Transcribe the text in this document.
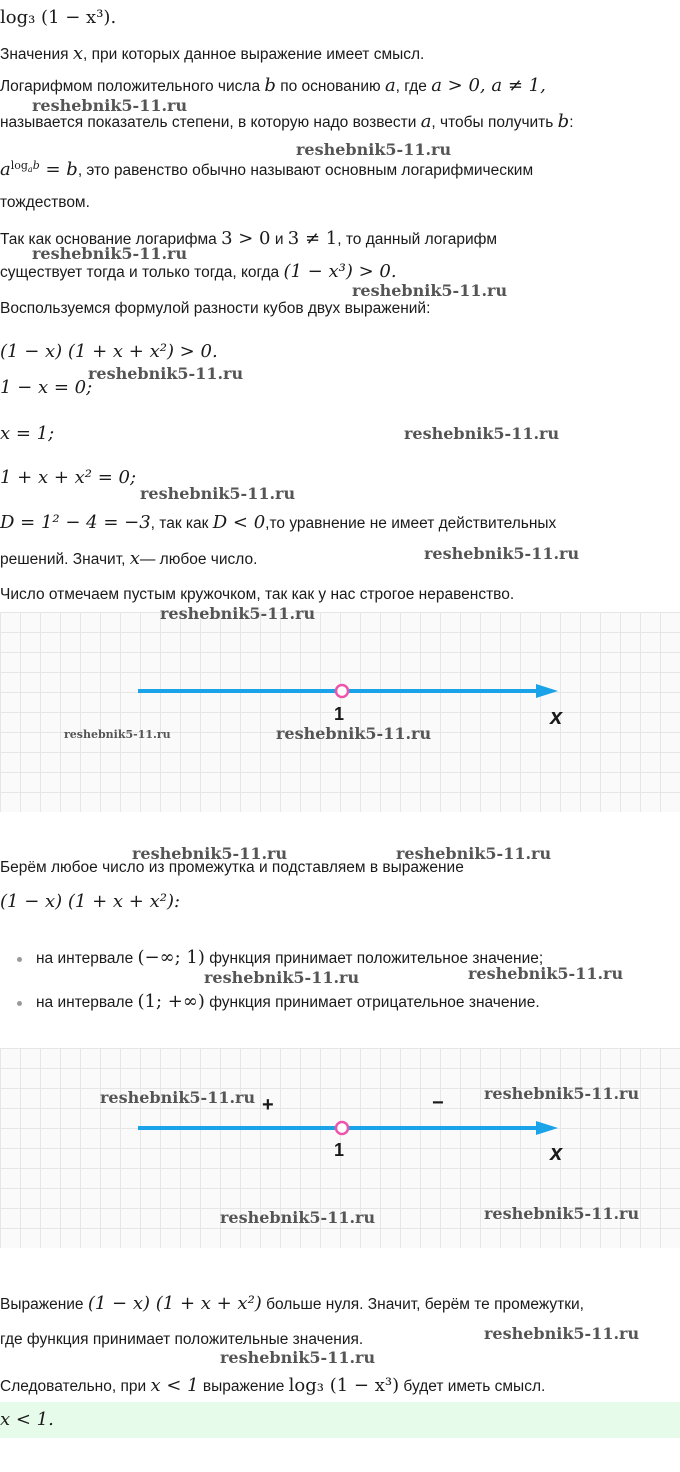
log₃ (1 − x³).
Значения x, при которых данное выражение имеет смысл.
Логарифмом положительного числа b по основанию a, где a > 0, a ≠ 1,
называется показатель степени, в которую надо возвести a, чтобы получить b:
$a^{log_ab} = b$, это равенство обычно называют основным логарифмическим
тождеством.
Так как основание логарифма 3 > 0 и 3 ≠ 1, то данный логарифм
существует тогда и только тогда, когда (1 − x³) > 0.
Воспользуемся формулой разности кубов двух выражений:
(1 − x) (1 + x + x²) > 0.
1 − x = 0;
x = 1;
1 + x + x² = 0;
D = 1² − 4 = −3, так как D < 0,то уравнение не имеет действительных
решений. Значит, x— любое число.
Число отмечаем пустым кружочком, так как у нас строгое неравенство.
1	x
Берём любое число из промежутка и подставляем в выражение
(1 − x) (1 + x + x²):
на интервале (−∞; 1) функция принимает положительное значение;
на интервале (1; +∞) функция принимает отрицательное значение.
+	−
1	x
Выражение (1 − x) (1 + x + x²) больше нуля. Значит, берём те промежутки,
где функция принимает положительные значения.
Следовательно, при x < 1 выражение log₃ (1 − x³) будет иметь смысл.
x < 1.
reshebnik5-11.ru
reshebnik5-11.ru
reshebnik5-11.ru
reshebnik5-11.ru
reshebnik5-11.ru
reshebnik5-11.ru
reshebnik5-11.ru
reshebnik5-11.ru
reshebnik5-11.ru
reshebnik5-11.ru	reshebnik5-11.ru
reshebnik5-11.ru	reshebnik5-11.ru
reshebnik5-11.ru	reshebnik5-11.ru
reshebnik5-11.ru	reshebnik5-11.ru
reshebnik5-11.ru	reshebnik5-11.ru
reshebnik5-11.ru
reshebnik5-11.ru
